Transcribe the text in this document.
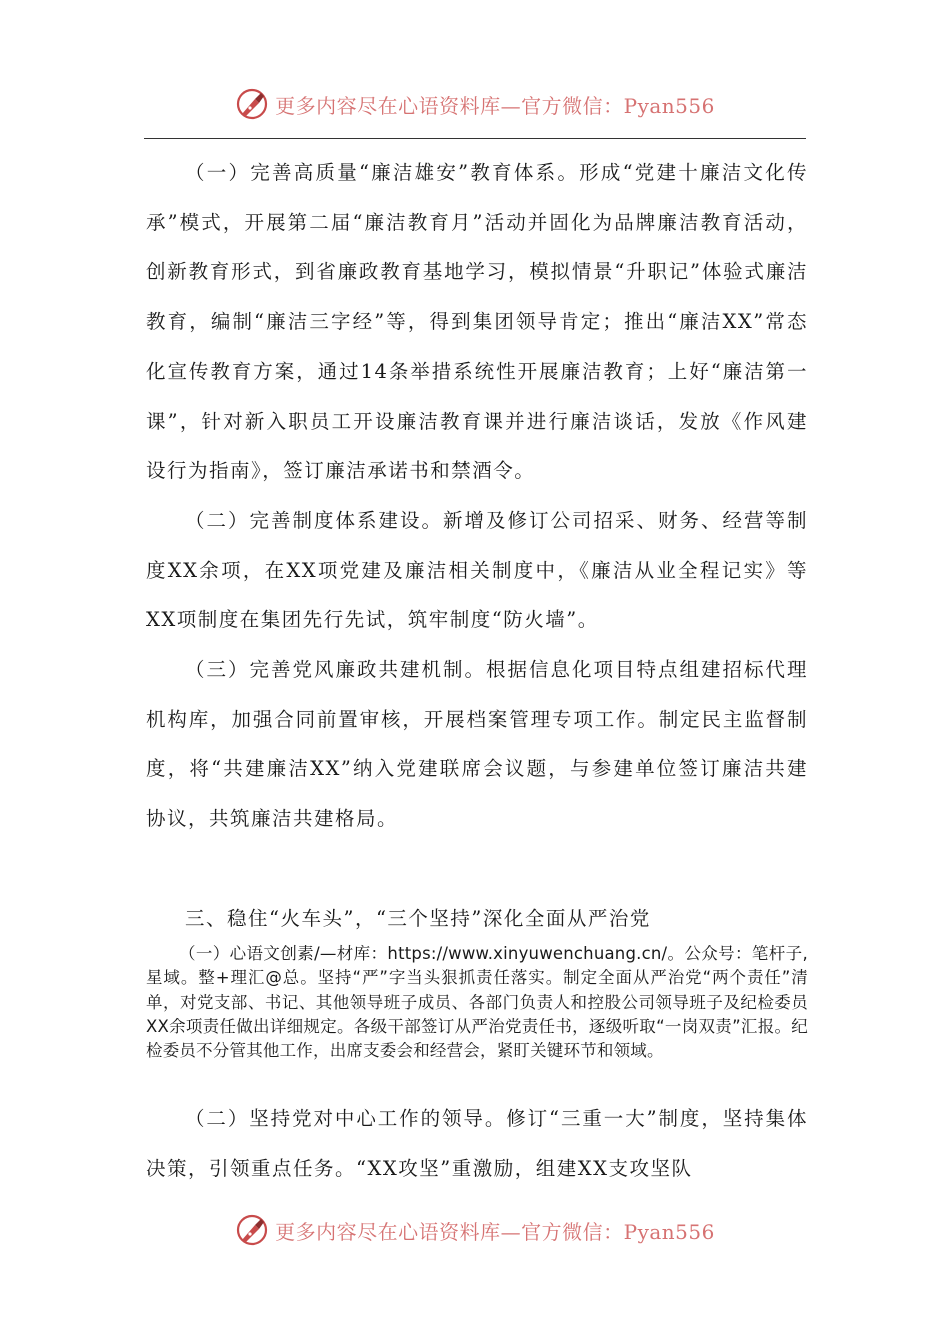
更多内容尽在心语资料库—官方微信：Pyan556

（一）完善高质量“廉洁雄安”教育体系。形成“党建十廉洁文化传承”模式，开展第二届“廉洁教育月”活动并固化为品牌廉洁教育活动，创新教育形式，到省廉政教育基地学习，模拟情景“升职记”体验式廉洁教育，编制“廉洁三字经”等，得到集团领导肯定；推出“廉洁XX”常态化宣传教育方案，通过14条举措系统性开展廉洁教育；上好“廉洁第一课”，针对新入职员工开设廉洁教育课并进行廉洁谈话，发放《作风建设行为指南》，签订廉洁承诺书和禁酒令。

（二）完善制度体系建设。新增及修订公司招采、财务、经营等制度XX余项，在XX项党建及廉洁相关制度中，《廉洁从业全程记实》等XX项制度在集团先行先试，筑牢制度“防火墙”。

（三）完善党风廉政共建机制。根据信息化项目特点组建招标代理机构库，加强合同前置审核，开展档案管理专项工作。制定民主监督制度，将“共建廉洁XX”纳入党建联席会议题，与参建单位签订廉洁共建协议，共筑廉洁共建格局。

三、稳住“火车头”，“三个坚持”深化全面从严治党

（一）心语文创素/—材库：https://www.xinyuwenchuang.cn/。公众号：笔杆子,星域。整+理汇@总。坚持“严”字当头狠抓责任落实。制定全面从严治党“两个责任”清单，对党支部、书记、其他领导班子成员、各部门负责人和控股公司领导班子及纪检委员XX余项责任做出详细规定。各级干部签订从严治党责任书，逐级听取“一岗双责”汇报。纪检委员不分管其他工作，出席支委会和经营会，紧盯关键环节和领域。

（二）坚持党对中心工作的领导。修订“三重一大”制度，坚持集体决策，引领重点任务。“XX攻坚”重激励，组建XX支攻坚队

更多内容尽在心语资料库—官方微信：Pyan556
